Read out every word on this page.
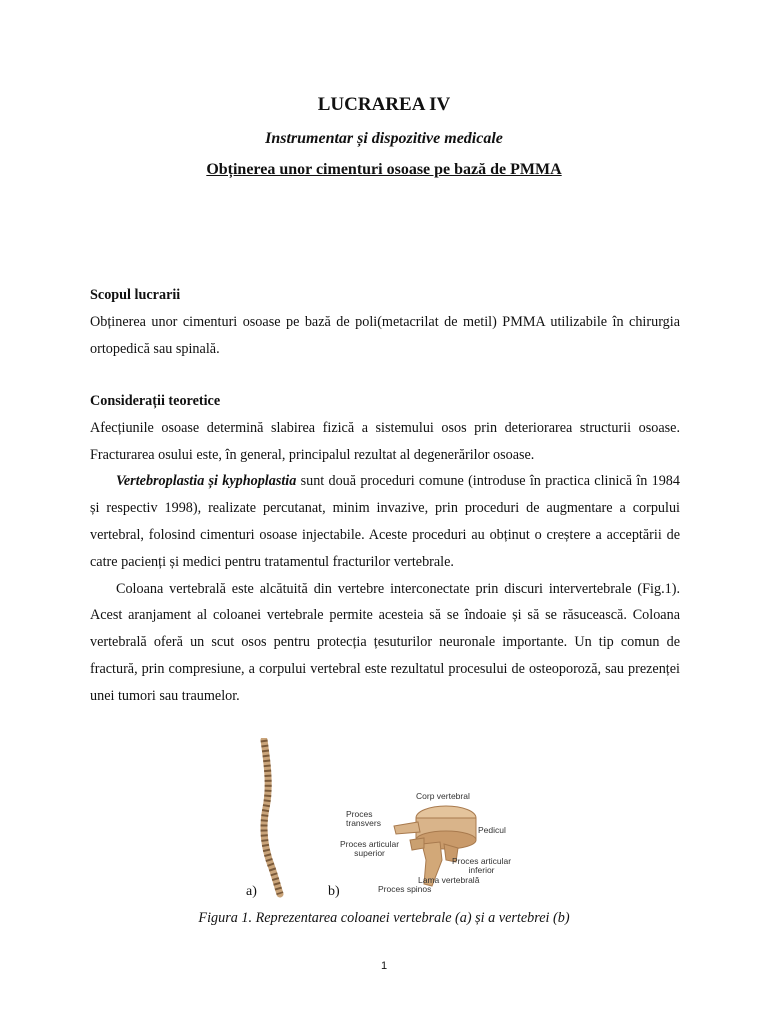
LUCRAREA IV
Instrumentar și dispozitive medicale
Obținerea unor cimenturi osoase pe bază de PMMA
Scopul lucrarii

Obținerea unor cimenturi osoase pe bază de poli(metacrilat de metil) PMMA utilizabile în chirurgia ortopedică sau spinală.

Considerații teoretice

Afecțiunile osoase determină slabirea fizică a sistemului osos prin deteriorarea structurii osoase. Fracturarea osului este, în general, principalul rezultat al degenerărilor osoase.

Vertebroplastia și kyphoplastia sunt două proceduri comune (introduse în practica clinică în 1984 și respectiv 1998), realizate percutanat, minim invazive, prin proceduri de augmentare a corpului vertebral, folosind cimenturi osoase injectabile. Aceste proceduri au obținut o creștere a acceptării de catre pacienți și medici pentru tratamentul fracturilor vertebrale.

Coloana vertebrală este alcătuită din vertebre interconectate prin discuri intervertebrale (Fig.1). Acest aranjament al coloanei vertebrale permite acesteia să se îndoaie și să se răsucească. Coloana vertebrală oferă un scut osos pentru protecția țesuturilor neuronale importante. Un tip comun de fractură, prin compresiune, a corpului vertebral este rezultatul procesului de osteoporoză, sau prezenței unei tumori sau traumelor.

a)	b)
Corp vertebral
Proces
transvers
Pedicul
Proces articular
superior
Proces articular
inferior
Lama vertebrală
Proces spinos
Figura 1. Reprezentarea coloanei vertebrale (a) și a vertebrei (b)
1
